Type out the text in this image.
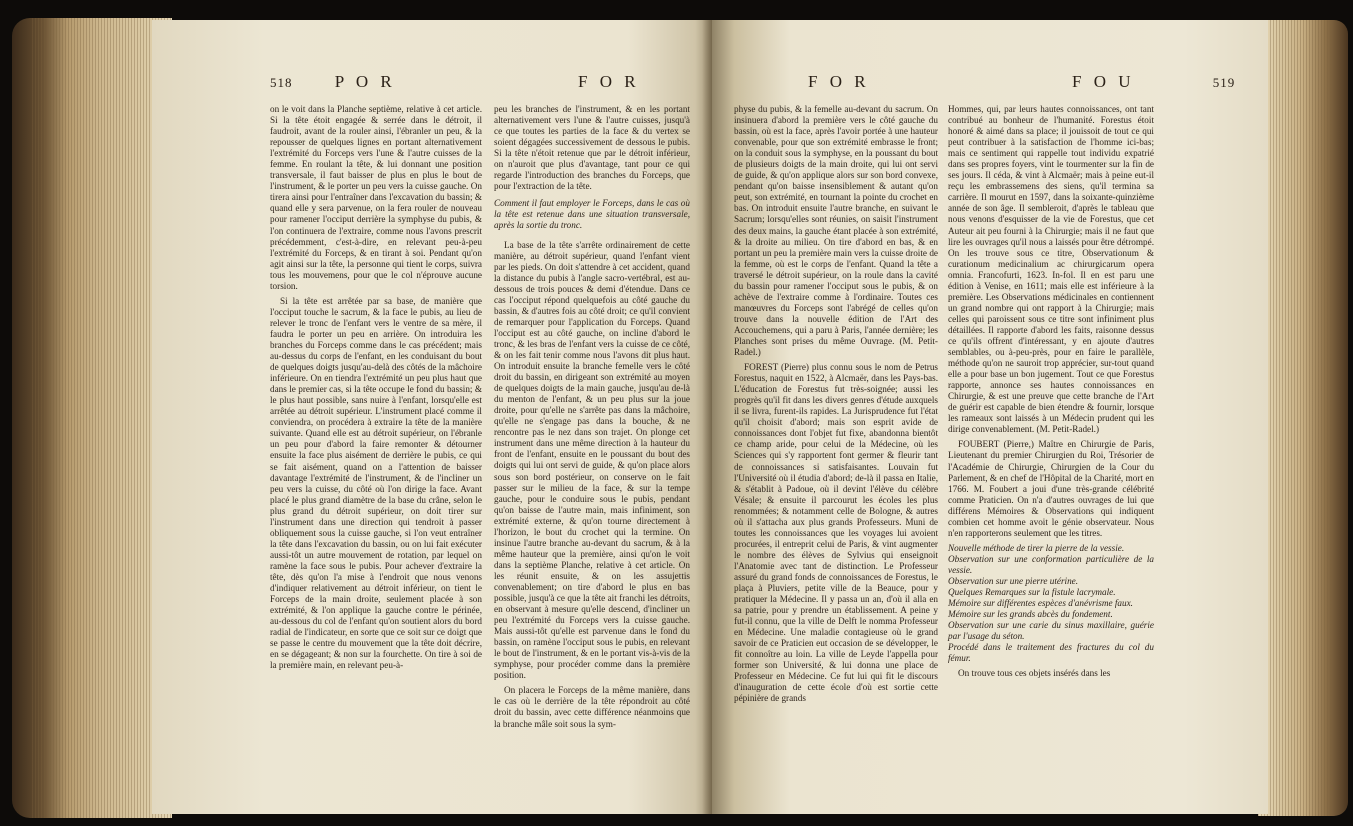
518 P O R	F O R

on le voit dans la Planche septième, relative à cet article. Si la tête étoit engagée & serrée dans le détroit, il faudroit, avant de la rouler ainsi, l'ébranler un peu, & la repousser de quelques lignes en portant alternativement l'extrémité du Forceps vers l'une & l'autre cuisses de la femme. En roulant la tête, & lui donnant une position transversale, il faut baisser de plus en plus le bout de l'instrument, & le porter un peu vers la cuisse gauche. On tirera ainsi pour l'entraîner dans l'excavation du bassin; & quand elle y sera parvenue, on la fera rouler de nouveau pour ramener l'occiput derrière la symphyse du pubis, & l'on continuera de l'extraire, comme nous l'avons prescrit précédemment, c'est-à-dire, en relevant peu-à-peu l'extrémité du Forceps, & en tirant à soi. Pendant qu'on agit ainsi sur la tête, la personne qui tient le corps, suivra tous les mouvemens, pour que le col n'éprouve aucune torsion.

Si la tête est arrêtée par sa base, de manière que l'occiput touche le sacrum, & la face le pubis, au lieu de relever le tronc de l'enfant vers le ventre de sa mère, il faudra le porter un peu en arrière. On introduira les branches du Forceps comme dans le cas précédent; mais au-dessus du corps de l'enfant, en les conduisant du bout de quelques doigts jusqu'au-delà des côtés de la mâchoire inférieure. On en tiendra l'extrémité un peu plus haut que dans le premier cas, si la tête occupe le fond du bassin; & le plus haut possible, sans nuire à l'enfant, lorsqu'elle est arrêtée au détroit supérieur. L'instrument placé comme il conviendra, on procédera à extraire la tête de la manière suivante. Quand elle est au détroit supérieur, on l'ébranle un peu pour d'abord la faire remonter & détourner ensuite la face plus aisément de derrière le pubis, ce qui se fait aisément, quand on a l'attention de baisser davantage l'extrémité de l'instrument, & de l'incliner un peu vers la cuisse, du côté où l'on dirige la face. Avant placé le plus grand diamètre de la base du crâne, selon le plus grand du détroit supérieur, on doit tirer sur l'instrument dans une direction qui tendroit à passer obliquement sous la cuisse gauche, si l'on veut entraîner la tête dans l'excavation du bassin, ou on lui fait exécuter aussi-tôt un autre mouvement de rotation, par lequel on ramène la face sous le pubis. Pour achever d'extraire la tête, dès qu'on l'a mise à l'endroit que nous venons d'indiquer relativement au détroit inférieur, on tient le Forceps de la main droite, seulement placée à son extrémité, & l'on applique la gauche contre le périnée, au-dessous du col de l'enfant qu'on soutient alors du bord radial de l'indicateur, en sorte que ce soit sur ce doigt que se passe le centre du mouvement que la tête doit décrire, en se dégageant; & non sur la fourchette. On tire à soi de la première main, en relevant peu-à-

peu les branches de l'instrument, & en les portant alternativement vers l'une & l'autre cuisses, jusqu'à ce que toutes les parties de la face & du vertex se soient dégagées successivement de dessous le pubis. Si la tête n'étoit retenue que par le détroit inférieur, on n'auroit que plus d'avantage, tant pour ce qui regarde l'introduction des branches du Forceps, que pour l'extraction de la tête.

Comment il faut employer le Forceps, dans le cas où la tête est retenue dans une situation transversale, après la sortie du tronc.

La base de la tête s'arrête ordinairement de cette manière, au détroit supérieur, quand l'enfant vient par les pieds. On doit s'attendre à cet accident, quand la distance du pubis à l'angle sacro-vertébral, est au-dessous de trois pouces & demi d'étendue. Dans ce cas l'occiput répond quelquefois au côté gauche du bassin, & d'autres fois au côté droit; ce qu'il convient de remarquer pour l'application du Forceps. Quand l'occiput est au côté gauche, on incline d'abord le tronc, & les bras de l'enfant vers la cuisse de ce côté, & on les fait tenir comme nous l'avons dit plus haut. On introduit ensuite la branche femelle vers le côté droit du bassin, en dirigeant son extrémité au moyen de quelques doigts de la main gauche, jusqu'au de-là du menton de l'enfant, & un peu plus sur la joue droite, pour qu'elle ne s'arrête pas dans la mâchoire, qu'elle ne s'engage pas dans la bouche, & ne rencontre pas le nez dans son trajet. On plonge cet instrument dans une même direction à la hauteur du front de l'enfant, ensuite en le poussant du bout des doigts qui lui ont servi de guide, & qu'on place alors sous son bord postérieur, on conserve on le fait passer sur le milieu de la face, & sur la tempe gauche, pour le conduire sous le pubis, pendant qu'on baisse de l'autre main, mais infiniment, son extrémité externe, & qu'on tourne directement à l'horizon, le bout du crochet qui la termine. On insinue l'autre branche au-devant du sacrum, & à la même hauteur que la première, ainsi qu'on le voit dans la septième Planche, relative à cet article. On les réunit ensuite, & on les assujettis convenablement; on tire d'abord le plus en bas possible, jusqu'à ce que la tête ait franchi les détroits, en observant à mesure qu'elle descend, d'incliner un peu l'extrémité du Forceps vers la cuisse gauche. Mais aussi-tôt qu'elle est parvenue dans le fond du bassin, on ramène l'occiput sous le pubis, en relevant le bout de l'instrument, & en le portant vis-à-vis de la symphyse, pour procéder comme dans la première position.

On placera le Forceps de la même manière, dans le cas où le derrière de la tête répondroit au côté droit du bassin, avec cette différence néanmoins que la branche mâle soit sous la sym-

F O R	F O U	519

physe du pubis, & la femelle au-devant du sacrum. On insinuera d'abord la première vers le côté gauche du bassin, où est la face, après l'avoir portée à une hauteur convenable, pour que son extrémité embrasse le front; on la conduit sous la symphyse, en la poussant du bout de plusieurs doigts de la main droite, qui lui ont servi de guide, & qu'on applique alors sur son bord convexe, pendant qu'on baisse insensiblement & autant qu'on peut, son extrémité, en tournant la pointe du crochet en bas. On introduit ensuite l'autre branche, en suivant le Sacrum; lorsqu'elles sont réunies, on saisit l'instrument des deux mains, la gauche étant placée à son extrémité, & la droite au milieu. On tire d'abord en bas, & en portant un peu la première main vers la cuisse droite de la femme, où est le corps de l'enfant. Quand la tête a traversé le détroit supérieur, on la roule dans la cavité du bassin pour ramener l'occiput sous le pubis, & on achève de l'extraire comme à l'ordinaire. Toutes ces manœuvres du Forceps sont l'abrégé de celles qu'on trouve dans la nouvelle édition de l'Art des Accouchemens, qui a paru à Paris, l'année dernière; les Planches sont prises du même Ouvrage. (M. Petit-Radel.)

FOREST (Pierre) plus connu sous le nom de Petrus Forestus, naquit en 1522, à Alcmaër, dans les Pays-bas. L'éducation de Forestus fut très-soignée; aussi les progrès qu'il fit dans les divers genres d'étude auxquels il se livra, furent-ils rapides. La Jurisprudence fut l'état qu'il choisit d'abord; mais son esprit avide de connoissances dont l'objet fut fixe, abandonna bientôt ce champ aride, pour celui de la Médecine, où les Sciences qui s'y rapportent font germer & fleurir tant de connoissances si satisfaisantes. Louvain fut l'Université où il étudia d'abord; de-là il passa en Italie, & s'établit à Padoue, où il devint l'élève du célèbre Vésale; & ensuite il parcourut les écoles les plus renommées; & notamment celle de Bologne, & autres où il s'attacha aux plus grands Professeurs. Muni de toutes les connoissances que les voyages lui avoient procurées, il entreprit celui de Paris, & vint augmenter le nombre des élèves de Sylvius qui enseignoit l'Anatomie avec tant de distinction. Le Professeur assuré du grand fonds de connoissances de Forestus, le plaça à Pluviers, petite ville de la Beauce, pour y pratiquer la Médecine. Il y passa un an, d'où il alla en sa patrie, pour y prendre un établissement. A peine y fut-il connu, que la ville de Delft le nomma Professeur en Médecine. Une maladie contagieuse où le grand savoir de ce Praticien eut occasion de se développer, le fit connoître au loin. La ville de Leyde l'appella pour former son Université, & lui donna une place de Professeur en Médecine. Ce fut lui qui fit le discours d'inauguration de cette école d'où est sortie cette pépinière de grands

Hommes, qui, par leurs hautes connoissances, ont tant contribué au bonheur de l'humanité. Forestus étoit honoré & aimé dans sa place; il jouissoit de tout ce qui peut contribuer à la satisfaction de l'homme ici-bas; mais ce sentiment qui rappelle tout individu expatrié dans ses propres foyers, vint le tourmenter sur la fin de ses jours. Il céda, & vint à Alcmaër; mais à peine eut-il reçu les embrassemens des siens, qu'il termina sa carrière. Il mourut en 1597, dans la soixante-quinzième année de son âge. Il sembleroit, d'après le tableau que nous venons d'esquisser de la vie de Forestus, que cet Auteur ait peu fourni à la Chirurgie; mais il ne faut que lire les ouvrages qu'il nous a laissés pour être détrompé. On les trouve sous ce titre, Observationum & curationum medicinalium ac chirurgicarum opera omnia. Francofurti, 1623. In-fol. Il en est paru une édition à Venise, en 1611; mais elle est inférieure à la première. Les Observations médicinales en contiennent un grand nombre qui ont rapport à la Chirurgie; mais celles qui paroissent sous ce titre sont infiniment plus détaillées. Il rapporte d'abord les faits, raisonne dessus ce qu'ils offrent d'intéressant, y en ajoute d'autres semblables, ou à-peu-près, pour en faire le parallèle, méthode qu'on ne sauroit trop apprécier, sur-tout quand elle a pour base un bon jugement. Tout ce que Forestus rapporte, annonce ses hautes connoissances en Chirurgie, & est une preuve que cette branche de l'Art de guérir est capable de bien étendre & fournir, lorsque les rameaux sont laissés à un Médecin prudent qui les dirige convenablement. (M. Petit-Radel.)

FOUBERT (Pierre,) Maître en Chirurgie de Paris, Lieutenant du premier Chirurgien du Roi, Trésorier de l'Académie de Chirurgie, Chirurgien de la Cour du Parlement, & en chef de l'Hôpital de la Charité, mort en 1766. M. Foubert a joui d'une très-grande célébrité comme Praticien. On n'a d'autres ouvrages de lui que différens Mémoires & Observations qui indiquent combien cet homme avoit le génie observateur. Nous n'en rapporterons seulement que les titres.

Nouvelle méthode de tirer la pierre de la vessie.
Observation sur une conformation particulière de la vessie.
Observation sur une pierre utérine.
Quelques Remarques sur la fistule lacrymale.
Mémoire sur différentes espèces d'anévrisme faux.
Mémoire sur les grands abcès du fondement.
Observation sur une carie du sinus maxillaire, guérie par l'usage du séton.
Procédé dans le traitement des fractures du col du fémur.

On trouve tous ces objets insérés dans les
